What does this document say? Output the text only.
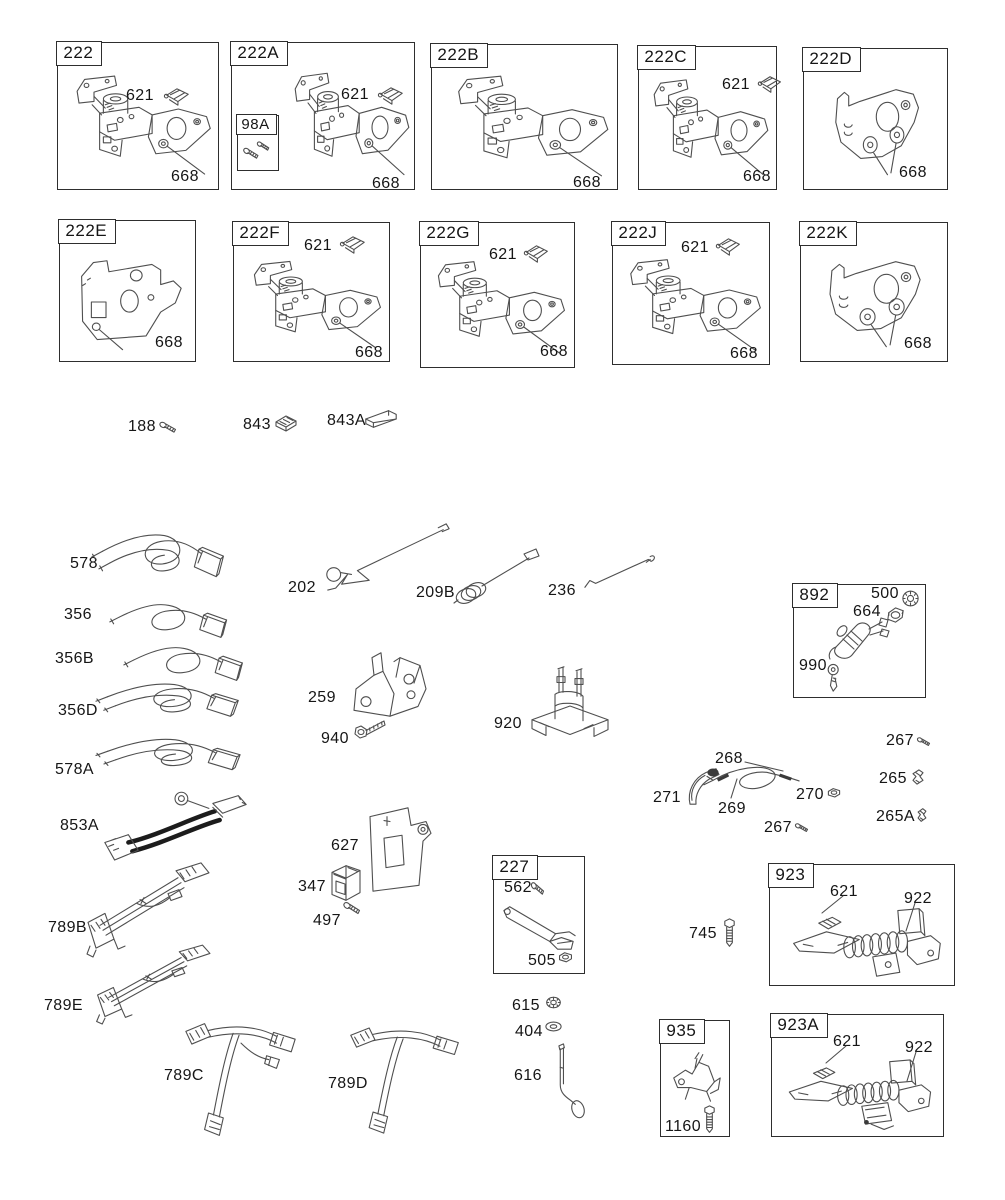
222
621
668
222A
621
668
98A
222B
668
222C
621
668
222D
668
222E
668
222F
621
668
222G
621
668
222J
621
668
222K
668
227
562
505
892	500
664
990
923
621	922
935
1160
923A
621	922
188	843	843A
578
356
356B
356D
578A
853A
789B
789E
789C	789D
202	209B	236
259
940
920
627
347
497
615
404
616
267
268
271
269
270
267
265
265A
745
